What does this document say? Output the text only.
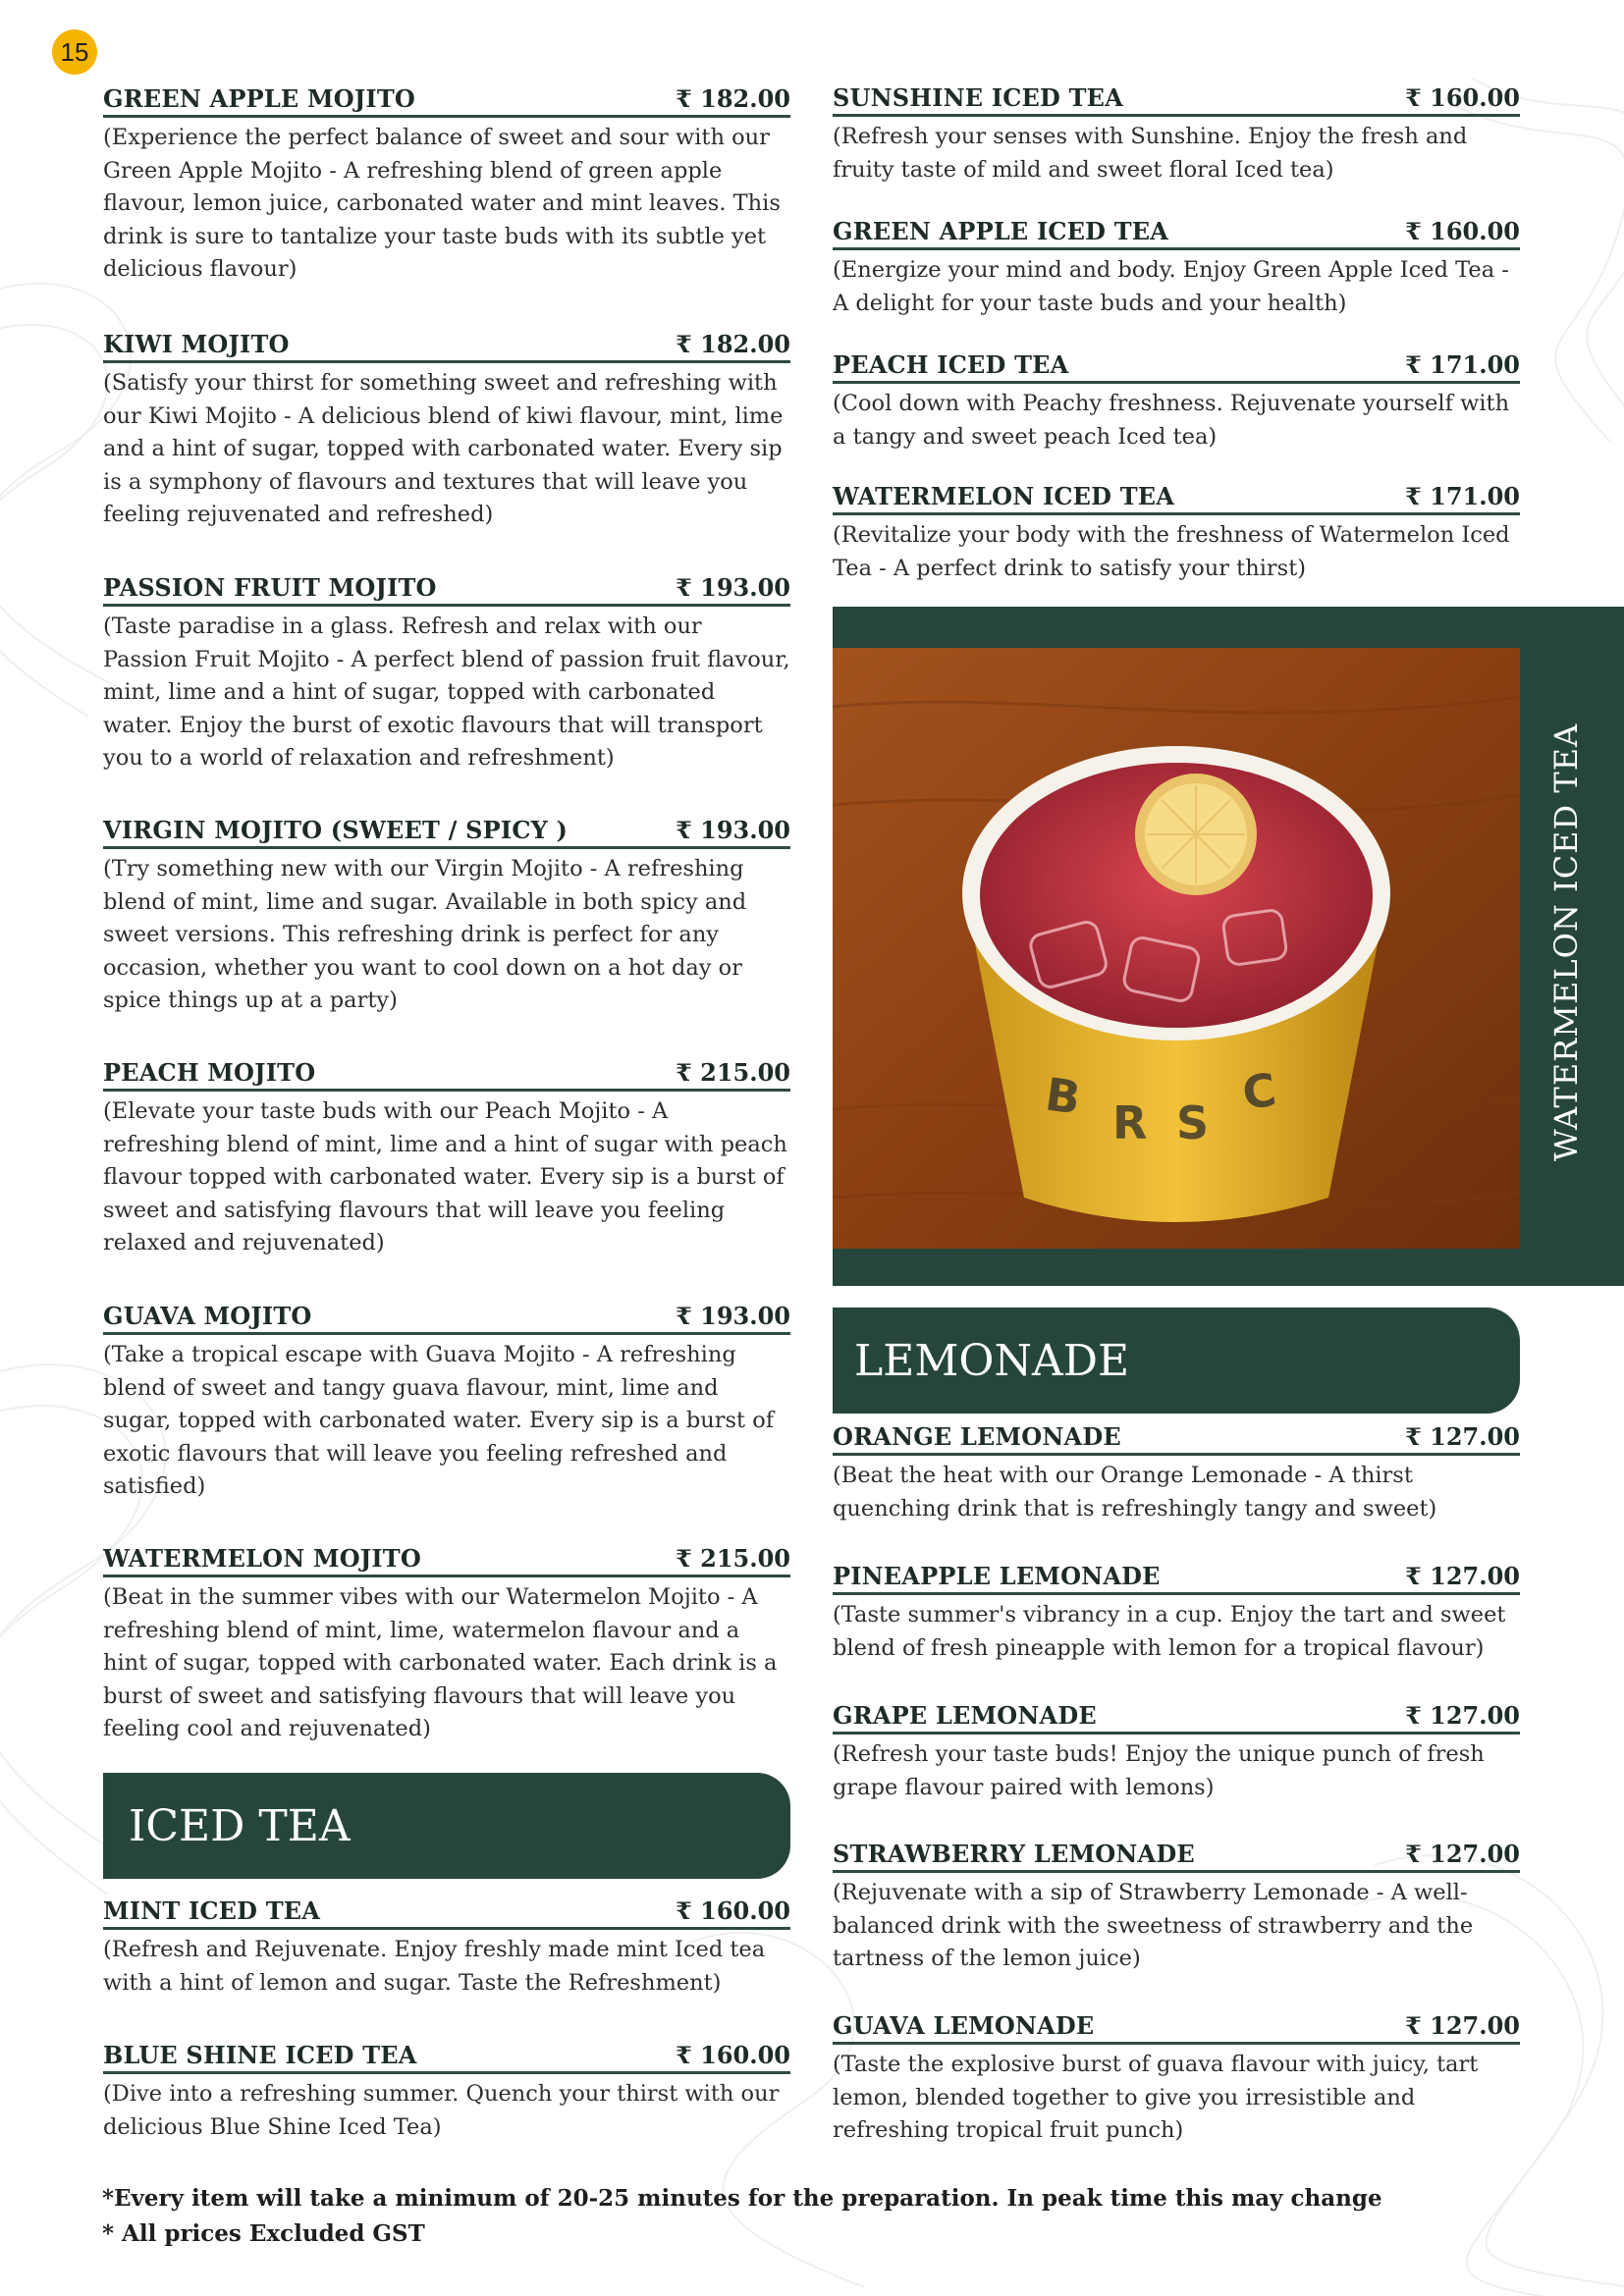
15
GREEN APPLE MOJITO	₹ 182.00
(Experience the perfect balance of sweet and sour with our Green Apple Mojito - A refreshing blend of green apple flavour, lemon juice, carbonated water and mint leaves. This drink is sure to tantalize your taste buds with its subtle yet delicious flavour)
KIWI MOJITO	₹ 182.00
(Satisfy your thirst for something sweet and refreshing with our Kiwi Mojito - A delicious blend of kiwi flavour, mint, lime and a hint of sugar, topped with carbonated water. Every sip is a symphony of flavours and textures that will leave you feeling rejuvenated and refreshed)
PASSION FRUIT MOJITO	₹ 193.00
(Taste paradise in a glass. Refresh and relax with our Passion Fruit Mojito - A perfect blend of passion fruit flavour, mint, lime and a hint of sugar, topped with carbonated water. Enjoy the burst of exotic flavours that will transport you to a world of relaxation and refreshment)
VIRGIN MOJITO (SWEET / SPICY )	₹ 193.00
(Try something new with our Virgin Mojito - A refreshing blend of mint, lime and sugar. Available in both spicy and sweet versions. This refreshing drink is perfect for any occasion, whether you want to cool down on a hot day or spice things up at a party)
PEACH MOJITO	₹ 215.00
(Elevate your taste buds with our Peach Mojito - A refreshing blend of mint, lime and a hint of sugar with peach flavour topped with carbonated water. Every sip is a burst of sweet and satisfying flavours that will leave you feeling relaxed and rejuvenated)
GUAVA MOJITO	₹ 193.00
(Take a tropical escape with Guava Mojito - A refreshing blend of sweet and tangy guava flavour, mint, lime and sugar, topped with carbonated water. Every sip is a burst of exotic flavours that will leave you feeling refreshed and satisfied)
WATERMELON MOJITO	₹ 215.00
(Beat in the summer vibes with our Watermelon Mojito - A refreshing blend of mint, lime, watermelon flavour and a hint of sugar, topped with carbonated water. Each drink is a burst of sweet and satisfying flavours that will leave you feeling cool and rejuvenated)
ICED TEA
MINT ICED TEA	₹ 160.00
(Refresh and Rejuvenate. Enjoy freshly made mint Iced tea with a hint of lemon and sugar. Taste the Refreshment)
BLUE SHINE ICED TEA	₹ 160.00
(Dive into a refreshing summer. Quench your thirst with our delicious Blue Shine Iced Tea)
SUNSHINE ICED TEA	₹ 160.00
(Refresh your senses with Sunshine. Enjoy the fresh and fruity taste of mild and sweet floral Iced tea)
GREEN APPLE ICED TEA	₹ 160.00
(Energize your mind and body. Enjoy Green Apple Iced Tea - A delight for your taste buds and your health)
PEACH ICED TEA	₹ 171.00
(Cool down with Peachy freshness. Rejuvenate yourself with a tangy and sweet peach Iced tea)
WATERMELON ICED TEA	₹ 171.00
(Revitalize your body with the freshness of Watermelon Iced Tea - A perfect drink to satisfy your thirst)
B R S
C	WATERMELON ICED TEA
LEMONADE
ORANGE LEMONADE	₹ 127.00
(Beat the heat with our Orange Lemonade - A thirst quenching drink that is refreshingly tangy and sweet)
PINEAPPLE LEMONADE	₹ 127.00
(Taste summer's vibrancy in a cup. Enjoy the tart and sweet blend of fresh pineapple with lemon for a tropical flavour)
GRAPE LEMONADE	₹ 127.00
(Refresh your taste buds! Enjoy the unique punch of fresh grape flavour paired with lemons)
STRAWBERRY LEMONADE	₹ 127.00
(Rejuvenate with a sip of Strawberry Lemonade - A well-balanced drink with the sweetness of strawberry and the tartness of the lemon juice)
GUAVA LEMONADE	₹ 127.00
(Taste the explosive burst of guava flavour with juicy, tart lemon, blended together to give you irresistible and refreshing tropical fruit punch)
*Every item will take a minimum of 20-25 minutes for the preparation. In peak time this may change
* All prices Excluded GST
